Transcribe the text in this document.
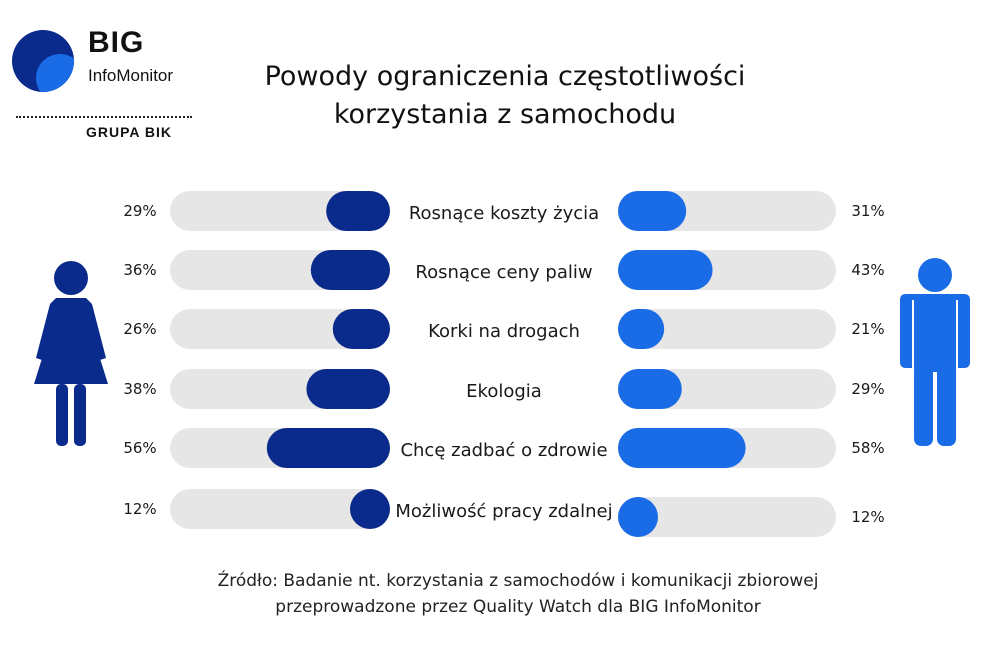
BIG
InfoMonitor
GRUPA BIK
Powody ograniczenia częstotliwości
korzystania z samochodu
Rosnące koszty życia
29%	31%
Rosnące ceny paliw
36%	43%
Korki na drogach
26%	21%
Ekologia
38%	29%
Chcę zadbać o zdrowie
56%	58%
Możliwość pracy zdalnej
12%	12%
Źródło: Badanie nt. korzystania z samochodów i komunikacji zbiorowej
przeprowadzone przez Quality Watch dla BIG InfoMonitor
